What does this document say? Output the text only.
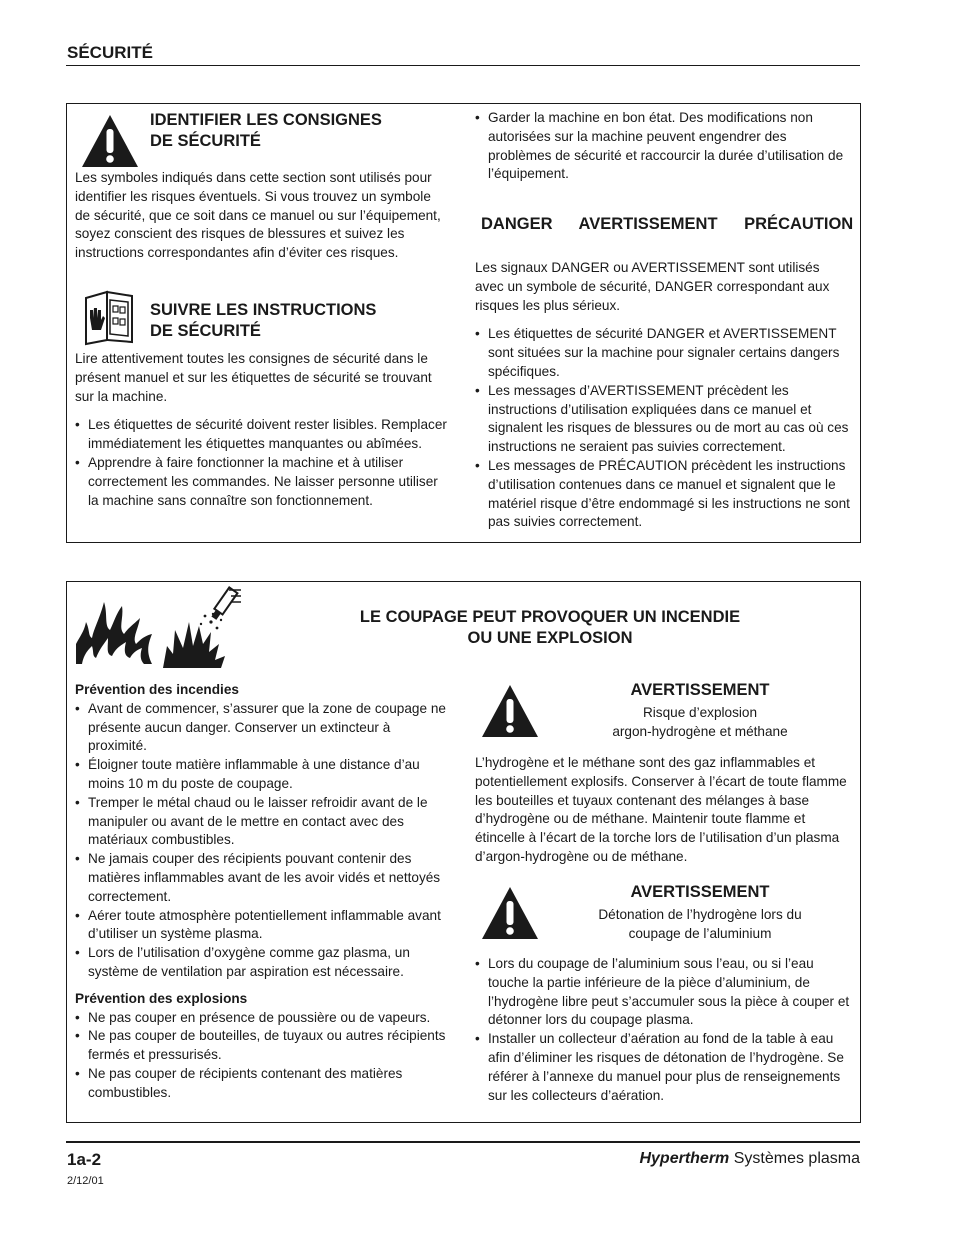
SÉCURITÉ
IDENTIFIER LES CONSIGNES
DE SÉCURITÉ

Les symboles indiqués dans cette section sont utilisés pour identifier les risques éventuels. Si vous trouvez un symbole de sécurité, que ce soit dans ce manuel ou sur l’équipement, soyez conscient des risques de blessures et suivez les instructions correspondantes afin d’éviter ces risques.

SUIVRE LES INSTRUCTIONS
DE SÉCURITÉ

Lire attentivement toutes les consignes de sécurité dans le présent manuel et sur les étiquettes de sécurité se trouvant sur la machine.

• Les étiquettes de sécurité doivent rester lisibles. Remplacer immédiatement les étiquettes manquantes ou abîmées.
• Apprendre à faire fonctionner la machine et à utiliser correctement les commandes. Ne laisser personne utiliser la machine sans connaître son fonctionnement.
• Garder la machine en bon état. Des modifications non autorisées sur la machine peuvent engendrer des problèmes de sécurité et raccourcir la durée d’utilisation de l’équipement.
DANGER AVERTISSEMENT PRÉCAUTION

Les signaux DANGER ou AVERTISSEMENT sont utilisés avec un symbole de sécurité, DANGER correspondant aux risques les plus sérieux.

• Les étiquettes de sécurité DANGER et AVERTISSEMENT sont situées sur la machine pour signaler certains dangers spécifiques.
• Les messages d’AVERTISSEMENT précèdent les instructions d’utilisation expliquées dans ce manuel et signalent les risques de blessures ou de mort au cas où ces instructions ne seraient pas suivies correctement.
• Les messages de PRÉCAUTION précèdent les instructions d’utilisation contenues dans ce manuel et signalent que le matériel risque d’être endommagé si les instructions ne sont pas suivies correctement.
LE COUPAGE PEUT PROVOQUER UN INCENDIE
OU UNE EXPLOSION
Prévention des incendies
• Avant de commencer, s’assurer que la zone de coupage ne présente aucun danger. Conserver un extincteur à proximité.
• Éloigner toute matière inflammable à une distance d’au moins 10 m du poste de coupage.
• Tremper le métal chaud ou le laisser refroidir avant de le manipuler ou avant de le mettre en contact avec des matériaux combustibles.
• Ne jamais couper des récipients pouvant contenir des matières inflammables avant de les avoir vidés et nettoyés correctement.
• Aérer toute atmosphère potentiellement inflammable avant d’utiliser un système plasma.
• Lors de l’utilisation d’oxygène comme gaz plasma, un système de ventilation par aspiration est nécessaire.
Prévention des explosions
• Ne pas couper en présence de poussière ou de vapeurs.
• Ne pas couper de bouteilles, de tuyaux ou autres récipients fermés et pressurisés.
• Ne pas couper de récipients contenant des matières combustibles.
AVERTISSEMENT
Risque d’explosion
argon-hydrogène et méthane

L’hydrogène et le méthane sont des gaz inflammables et potentiellement explosifs. Conserver à l’écart de toute flamme les bouteilles et tuyaux contenant des mélanges à base d’hydrogène ou de méthane. Maintenir toute flamme et étincelle à l’écart de la torche lors de l’utilisation d’un plasma d’argon-hydrogène ou de méthane.

AVERTISSEMENT
Détonation de l’hydrogène lors du
coupage de l’aluminium
• Lors du coupage de l’aluminium sous l’eau, ou si l’eau touche la partie inférieure de la pièce d’aluminium, de l’hydrogène libre peut s’accumuler sous la pièce à couper et détonner lors du coupage plasma.
• Installer un collecteur d’aération au fond de la table à eau afin d’éliminer les risques de détonation de l’hydrogène. Se référer à l’annexe du manuel pour plus de renseignements sur les collecteurs d’aération.
1a-2	Hypertherm Systèmes plasma
2/12/01
